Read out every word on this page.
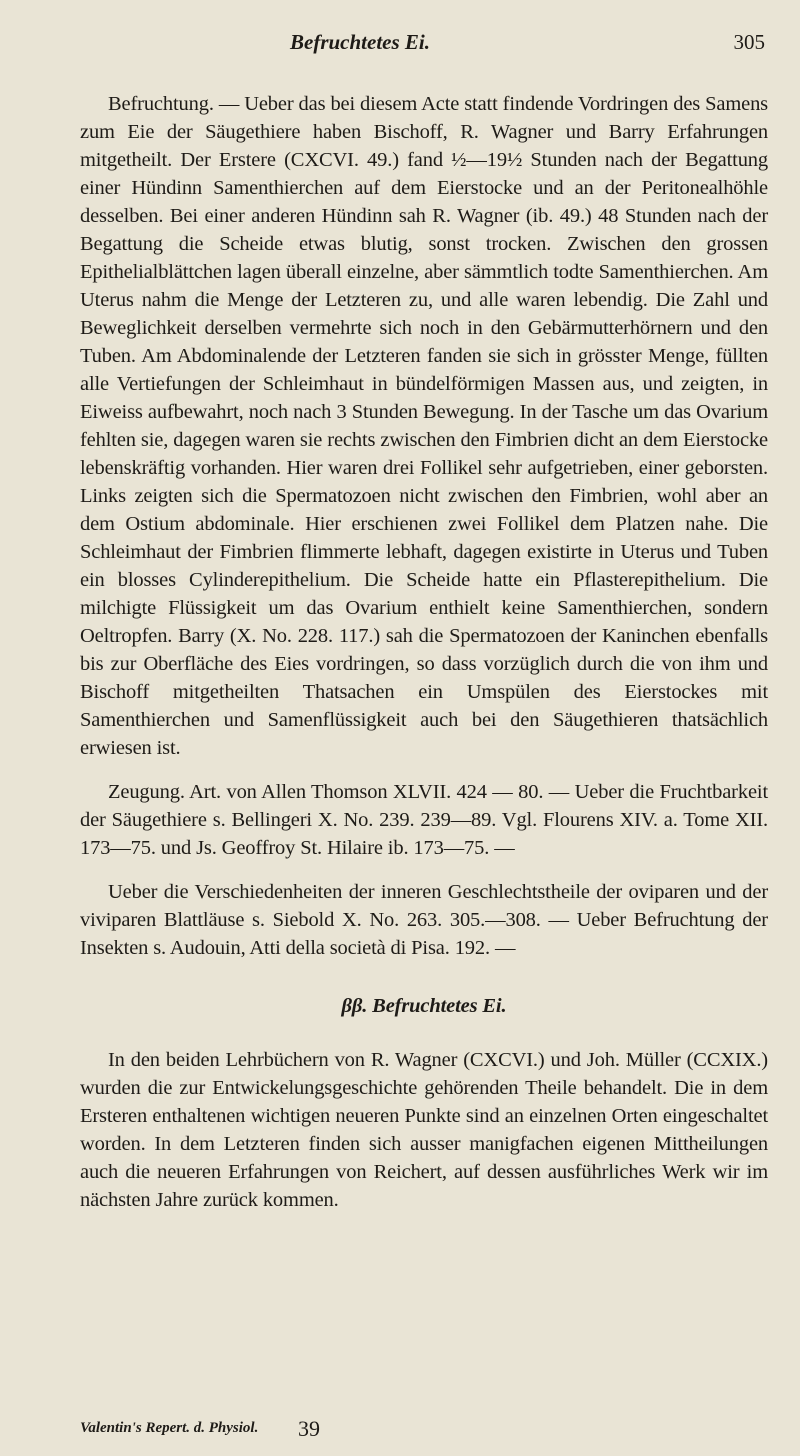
Befruchtetes Ei.	305

Befruchtung. — Ueber das bei diesem Acte statt findende Vordringen des Samens zum Eie der Säugethiere haben Bischoff, R. Wagner und Barry Erfahrungen mitgetheilt. Der Erstere (CXCVI. 49.) fand ½—19½ Stunden nach der Begattung einer Hündinn Samenthierchen auf dem Eierstocke und an der Peritonealhöhle desselben. Bei einer anderen Hündinn sah R. Wagner (ib. 49.) 48 Stunden nach der Begattung die Scheide etwas blutig, sonst trocken. Zwischen den grossen Epithelialblättchen lagen überall einzelne, aber sämmtlich todte Samenthierchen. Am Uterus nahm die Menge der Letzteren zu, und alle waren lebendig. Die Zahl und Beweglichkeit derselben vermehrte sich noch in den Gebärmutterhörnern und den Tuben. Am Abdominalende der Letzteren fanden sie sich in grösster Menge, füllten alle Vertiefungen der Schleimhaut in bündelförmigen Massen aus, und zeigten, in Eiweiss aufbewahrt, noch nach 3 Stunden Bewegung. In der Tasche um das Ovarium fehlten sie, dagegen waren sie rechts zwischen den Fimbrien dicht an dem Eierstocke lebenskräftig vorhanden. Hier waren drei Follikel sehr aufgetrieben, einer geborsten. Links zeigten sich die Spermatozoen nicht zwischen den Fimbrien, wohl aber an dem Ostium abdominale. Hier erschienen zwei Follikel dem Platzen nahe. Die Schleimhaut der Fimbrien flimmerte lebhaft, dagegen existirte in Uterus und Tuben ein blosses Cylinderepithelium. Die Scheide hatte ein Pflasterepithelium. Die milchigte Flüssigkeit um das Ovarium enthielt keine Samenthierchen, sondern Oeltropfen. Barry (X. No. 228. 117.) sah die Spermatozoen der Kaninchen ebenfalls bis zur Oberfläche des Eies vordringen, so dass vorzüglich durch die von ihm und Bischoff mitgetheilten Thatsachen ein Umspülen des Eierstockes mit Samenthierchen und Samenflüssigkeit auch bei den Säugethieren thatsächlich erwiesen ist.

Zeugung. Art. von Allen Thomson XLVII. 424 — 80. — Ueber die Fruchtbarkeit der Säugethiere s. Bellingeri X. No. 239. 239—89. Vgl. Flourens XIV. a. Tome XII. 173—75. und Js. Geoffroy St. Hilaire ib. 173—75. —

Ueber die Verschiedenheiten der inneren Geschlechtstheile der oviparen und der viviparen Blattläuse s. Siebold X. No. 263. 305.—308. — Ueber Befruchtung der Insekten s. Audouin, Atti della società di Pisa. 192. —

ββ. Befruchtetes Ei.

In den beiden Lehrbüchern von R. Wagner (CXCVI.) und Joh. Müller (CCXIX.) wurden die zur Entwickelungsgeschichte gehörenden Theile behandelt. Die in dem Ersteren enthaltenen wichtigen neueren Punkte sind an einzelnen Orten eingeschaltet worden. In dem Letzteren finden sich ausser manigfachen eigenen Mittheilungen auch die neueren Erfahrungen von Reichert, auf dessen ausführliches Werk wir im nächsten Jahre zurück kommen.

Valentin's Repert. d. Physiol. 39
